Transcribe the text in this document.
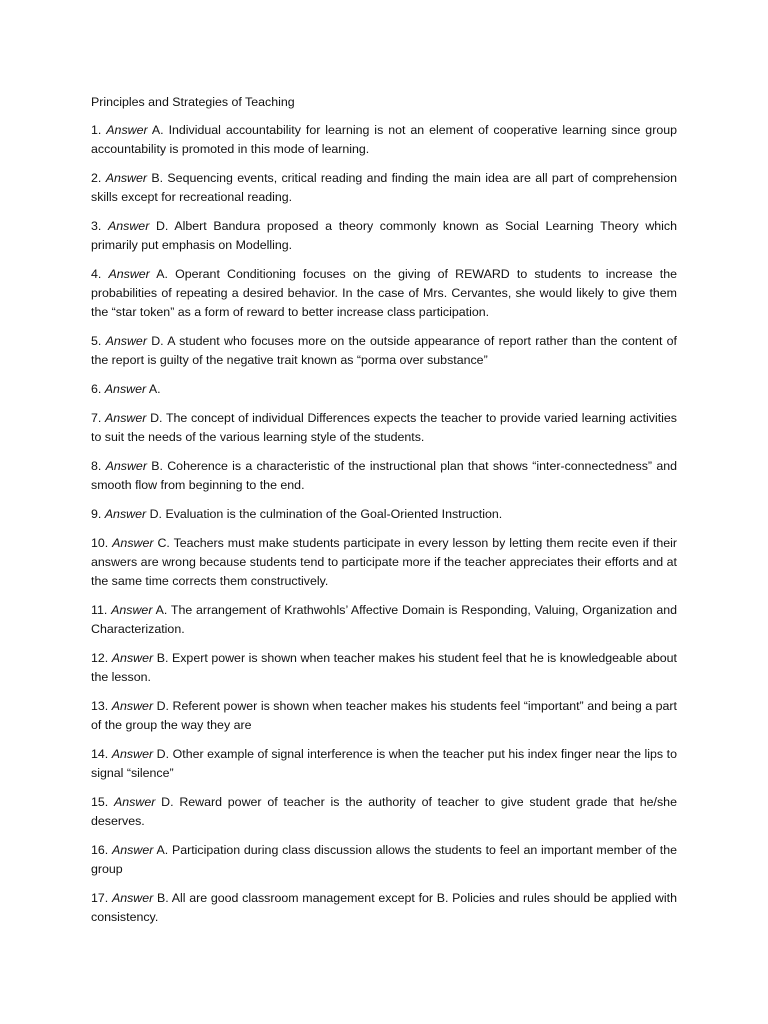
Principles and Strategies of Teaching
1. Answer A. Individual accountability for learning is not an element of cooperative learning since group accountability is promoted in this mode of learning.
2. Answer B. Sequencing events, critical reading and finding the main idea are all part of comprehension skills except for recreational reading.
3. Answer D. Albert Bandura proposed a theory commonly known as Social Learning Theory which primarily put emphasis on Modelling.
4. Answer A. Operant Conditioning focuses on the giving of REWARD to students to increase the probabilities of repeating a desired behavior. In the case of Mrs. Cervantes, she would likely to give them the “star token” as a form of reward to better increase class participation.
5. Answer D. A student who focuses more on the outside appearance of report rather than the content of the report is guilty of the negative trait known as “porma over substance”
6. Answer A.
7. Answer D. The concept of individual Differences expects the teacher to provide varied learning activities to suit the needs of the various learning style of the students.
8. Answer B. Coherence is a characteristic of the instructional plan that shows “inter-connectedness” and smooth flow from beginning to the end.
9. Answer D. Evaluation is the culmination of the Goal-Oriented Instruction.
10. Answer C. Teachers must make students participate in every lesson by letting them recite even if their answers are wrong because students tend to participate more if the teacher appreciates their efforts and at the same time corrects them constructively.
11. Answer A. The arrangement of Krathwohls’ Affective Domain is Responding, Valuing, Organization and Characterization.
12. Answer B. Expert power is shown when teacher makes his student feel that he is knowledgeable about the lesson.
13. Answer D. Referent power is shown when teacher makes his students feel “important” and being a part of the group the way they are
14. Answer D. Other example of signal interference is when the teacher put his index finger near the lips to signal “silence”
15. Answer D. Reward power of teacher is the authority of teacher to give student grade that he/she deserves.
16. Answer A. Participation during class discussion allows the students to feel an important member of the group
17. Answer B. All are good classroom management except for B. Policies and rules should be applied with consistency.
